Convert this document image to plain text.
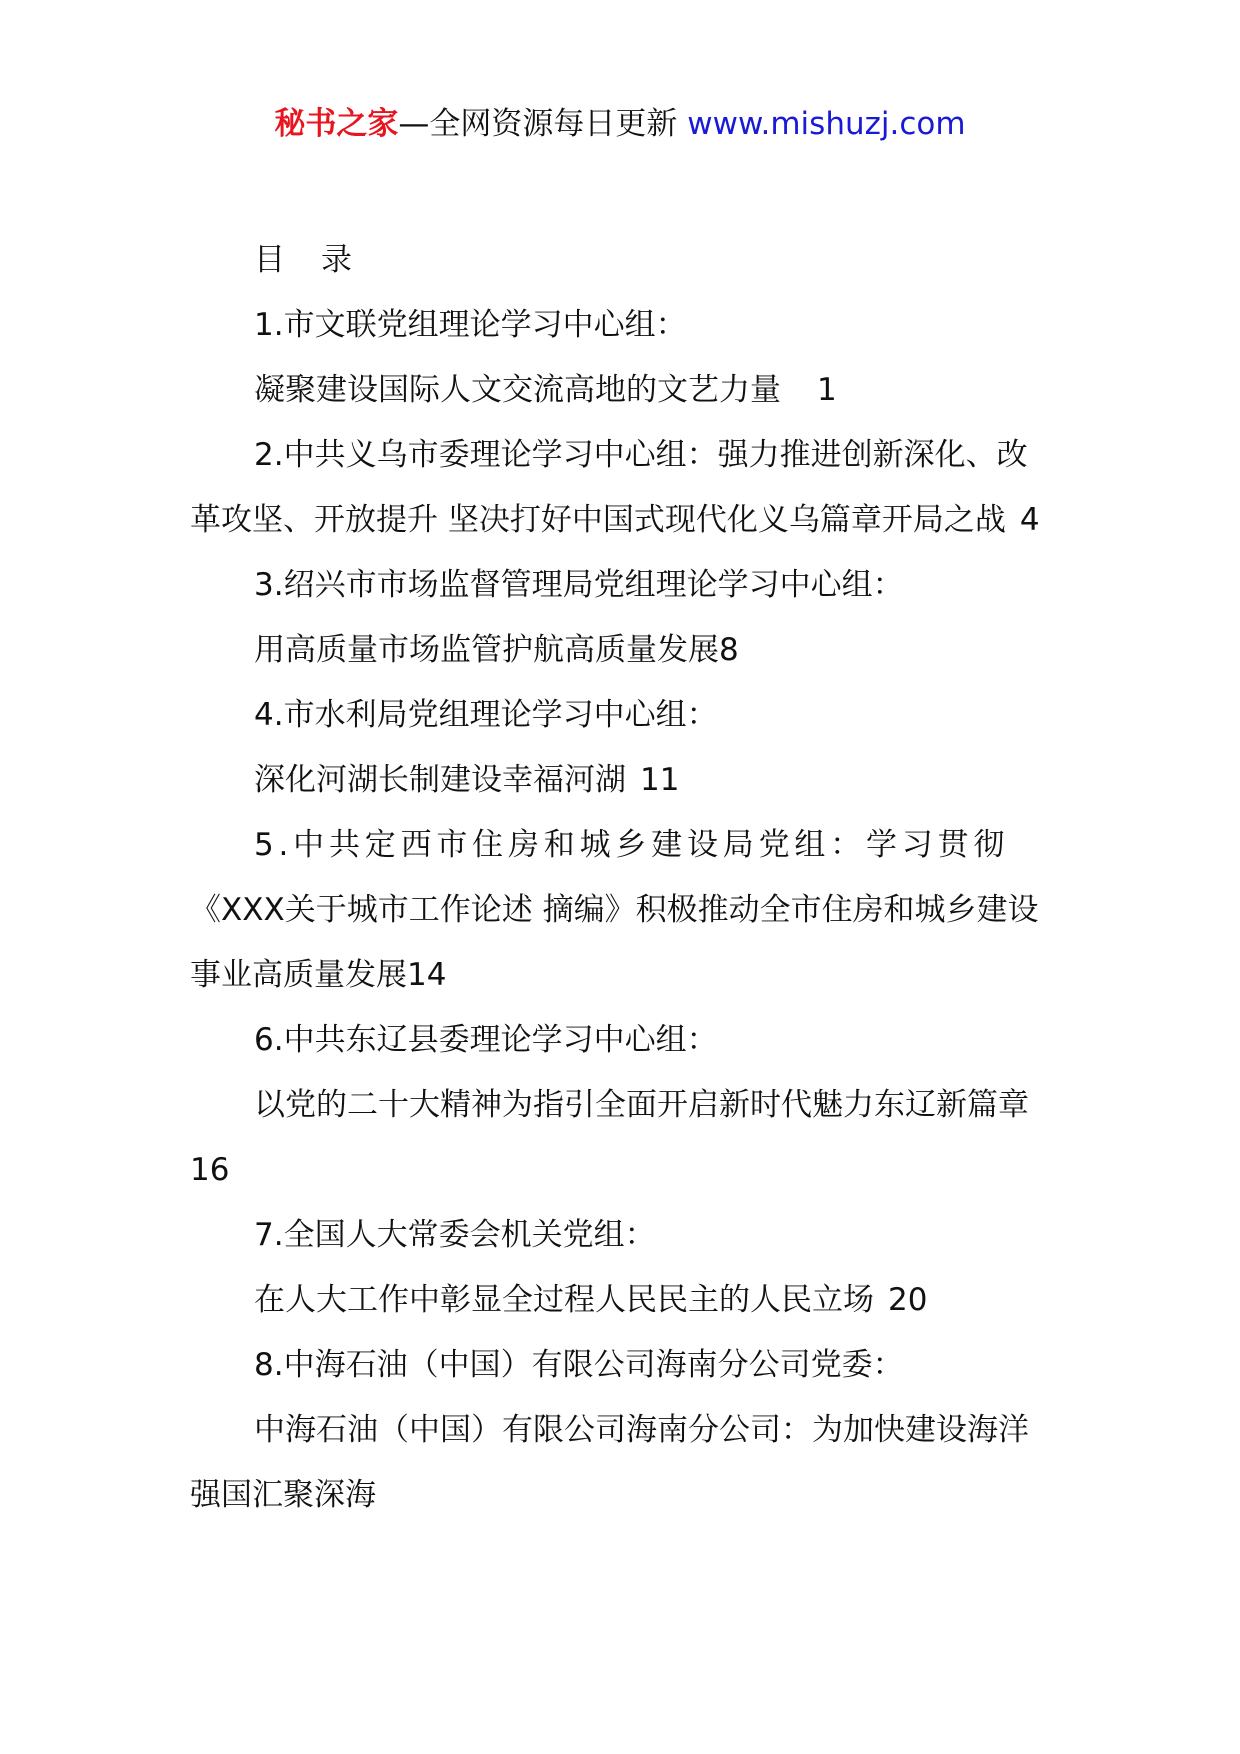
秘书之家—全网资源每日更新 www.mishuzj.com

目 录

1.市文联党组理论学习中心组：

凝聚建设国际人文交流高地的文艺力量 1

2.中共义乌市委理论学习中心组：强力推进创新深化、改革攻坚、开放提升 坚决打好中国式现代化义乌篇章开局之战 4

3.绍兴市市场监督管理局党组理论学习中心组：

用高质量市场监管护航高质量发展8

4.市水利局党组理论学习中心组：

深化河湖长制建设幸福河湖 11

5.中共定西市住房和城乡建设局党组：学习贯彻

《XXX关于城市工作论述 摘编》积极推动全市住房和城乡建设事业高质量发展14

6.中共东辽县委理论学习中心组：

以党的二十大精神为指引全面开启新时代魅力东辽新篇章16

7.全国人大常委会机关党组：

在人大工作中彰显全过程人民民主的人民立场 20

8.中海石油（中国）有限公司海南分公司党委：

中海石油（中国）有限公司海南分公司：为加快建设海洋强国汇聚深海
